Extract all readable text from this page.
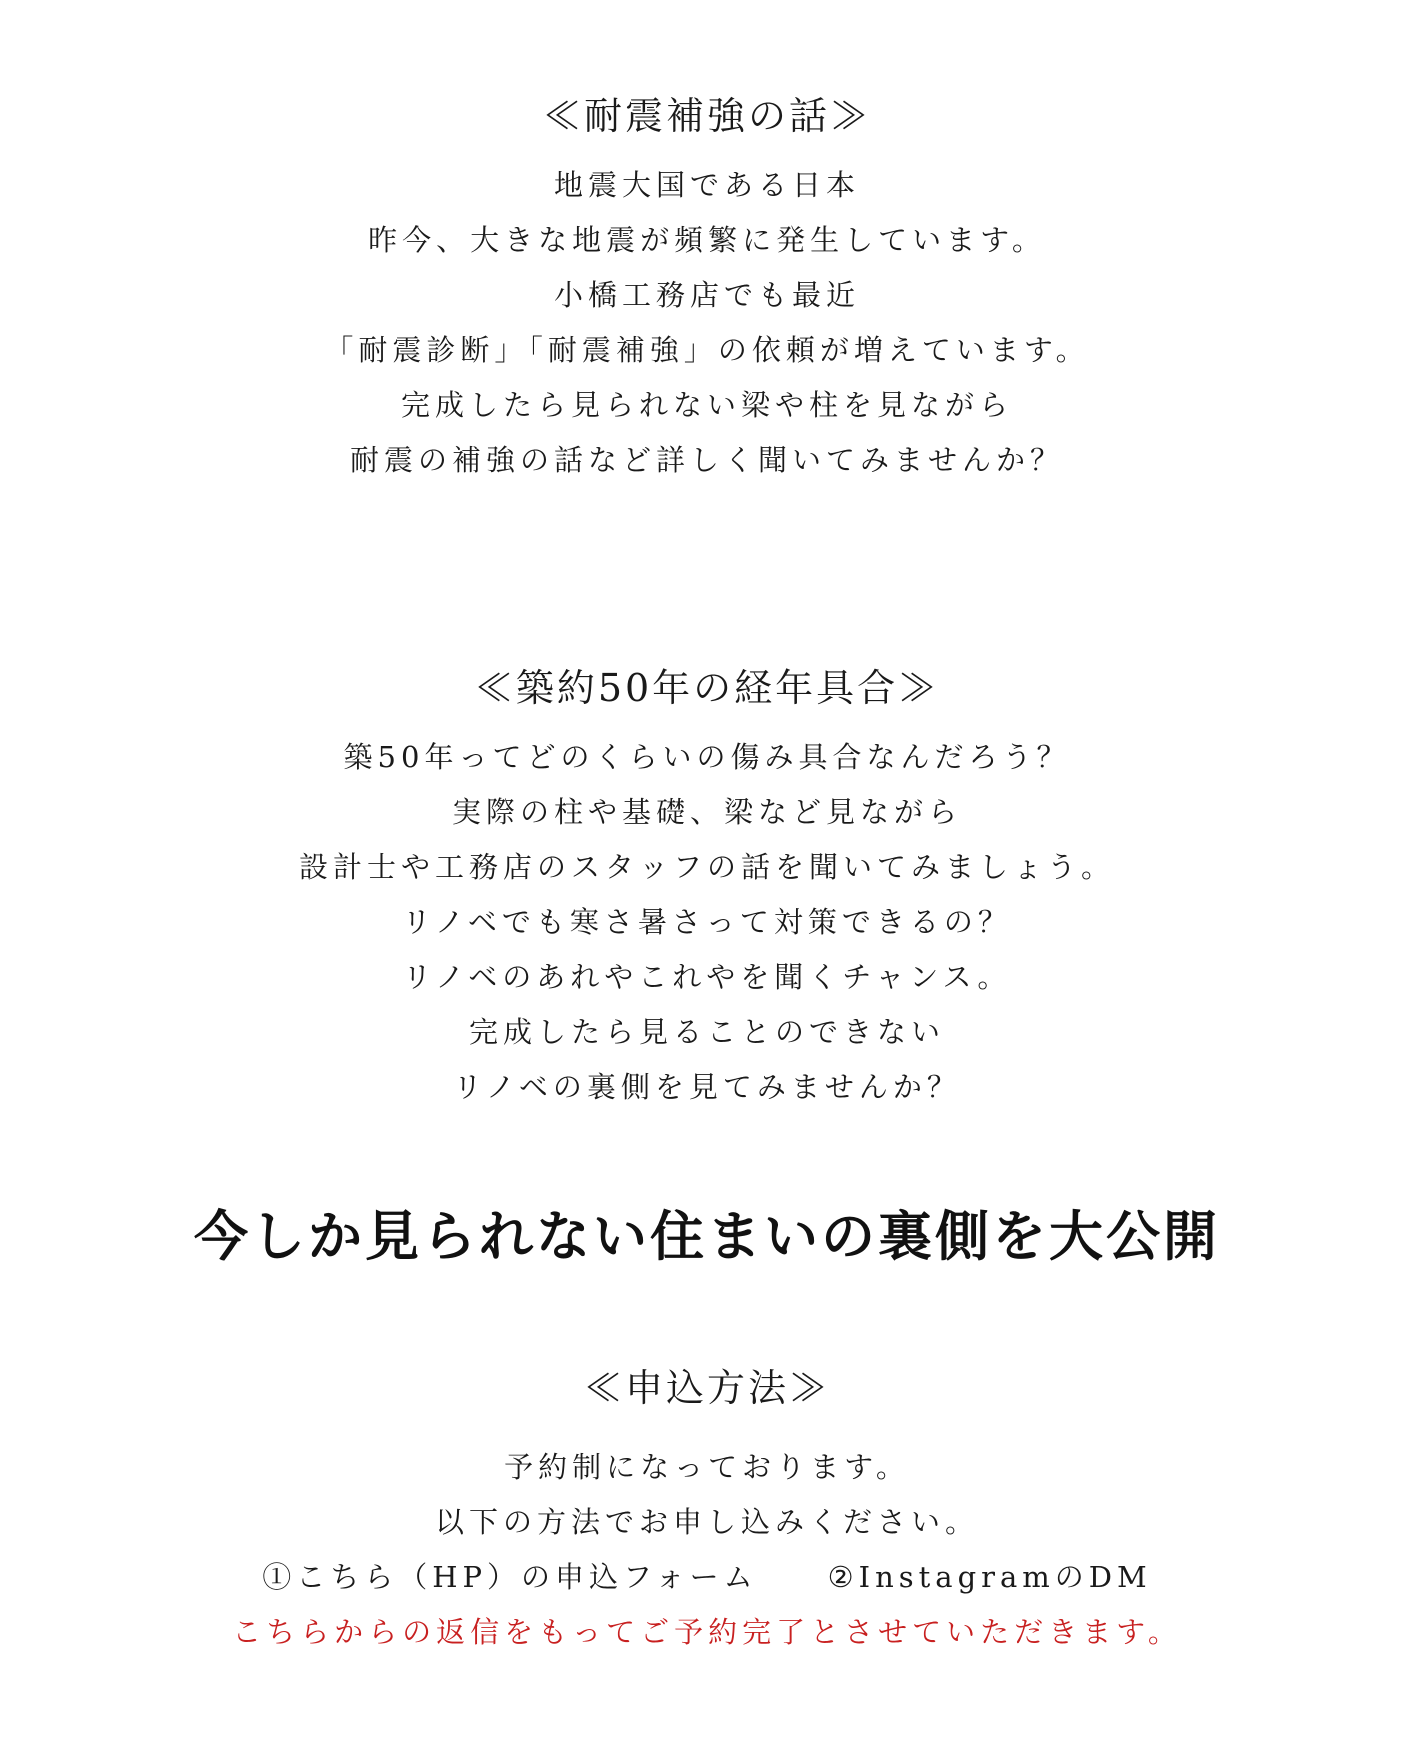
≪耐震補強の話≫
地震大国である日本
昨今、大きな地震が頻繁に発生しています。
小橋工務店でも最近
「耐震診断」「耐震補強」の依頼が増えています。
完成したら見られない梁や柱を見ながら
耐震の補強の話など詳しく聞いてみませんか？
≪築約50年の経年具合≫
築50年ってどのくらいの傷み具合なんだろう？
実際の柱や基礎、梁など見ながら
設計士や工務店のスタッフの話を聞いてみましょう。
リノベでも寒さ暑さって対策できるの？
リノベのあれやこれやを聞くチャンス。
完成したら見ることのできない
リノベの裏側を見てみませんか？
今しか見られない住まいの裏側を大公開
≪申込方法≫
予約制になっております。
以下の方法でお申し込みください。
①こちら（HP）の申込フォーム ②InstagramのDM
こちらからの返信をもってご予約完了とさせていただきます。
